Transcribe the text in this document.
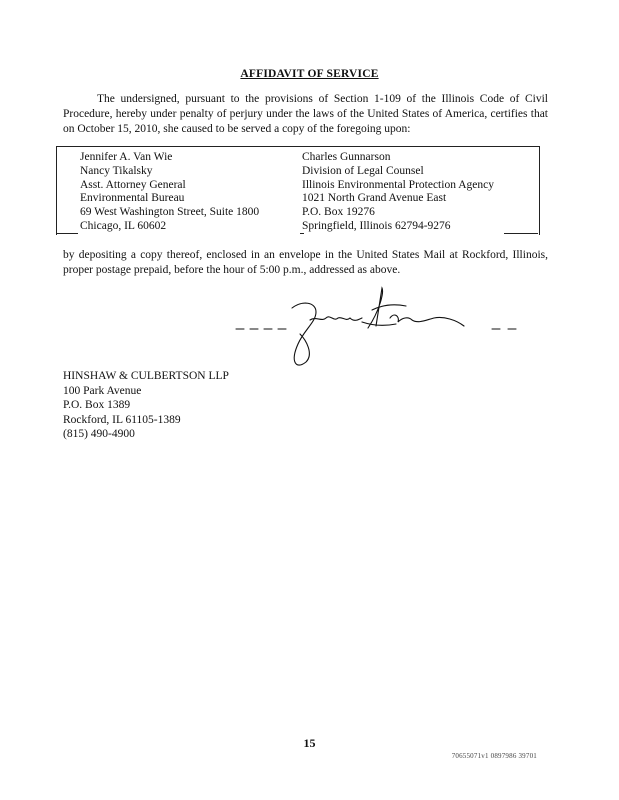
AFFIDAVIT OF SERVICE
The undersigned, pursuant to the provisions of Section 1-109 of the Illinois Code of Civil Procedure, hereby under penalty of perjury under the laws of the United States of America, certifies that on October 15, 2010, she caused to be served a copy of the foregoing upon:
Jennifer A. Van Wie
Nancy Tikalsky
Asst. Attorney General
Environmental Bureau
69 West Washington Street, Suite 1800
Chicago, IL 60602
Charles Gunnarson
Division of Legal Counsel
Illinois Environmental Protection Agency
1021 North Grand Avenue East
P.O. Box 19276
Springfield, Illinois 62794-9276
by depositing a copy thereof, enclosed in an envelope in the United States Mail at Rockford, Illinois, proper postage prepaid, before the hour of 5:00 p.m., addressed as above.
HINSHAW & CULBERTSON LLP
100 Park Avenue
P.O. Box 1389
Rockford, IL 61105-1389
(815) 490-4900
15
70655071v1 0897986 39701
